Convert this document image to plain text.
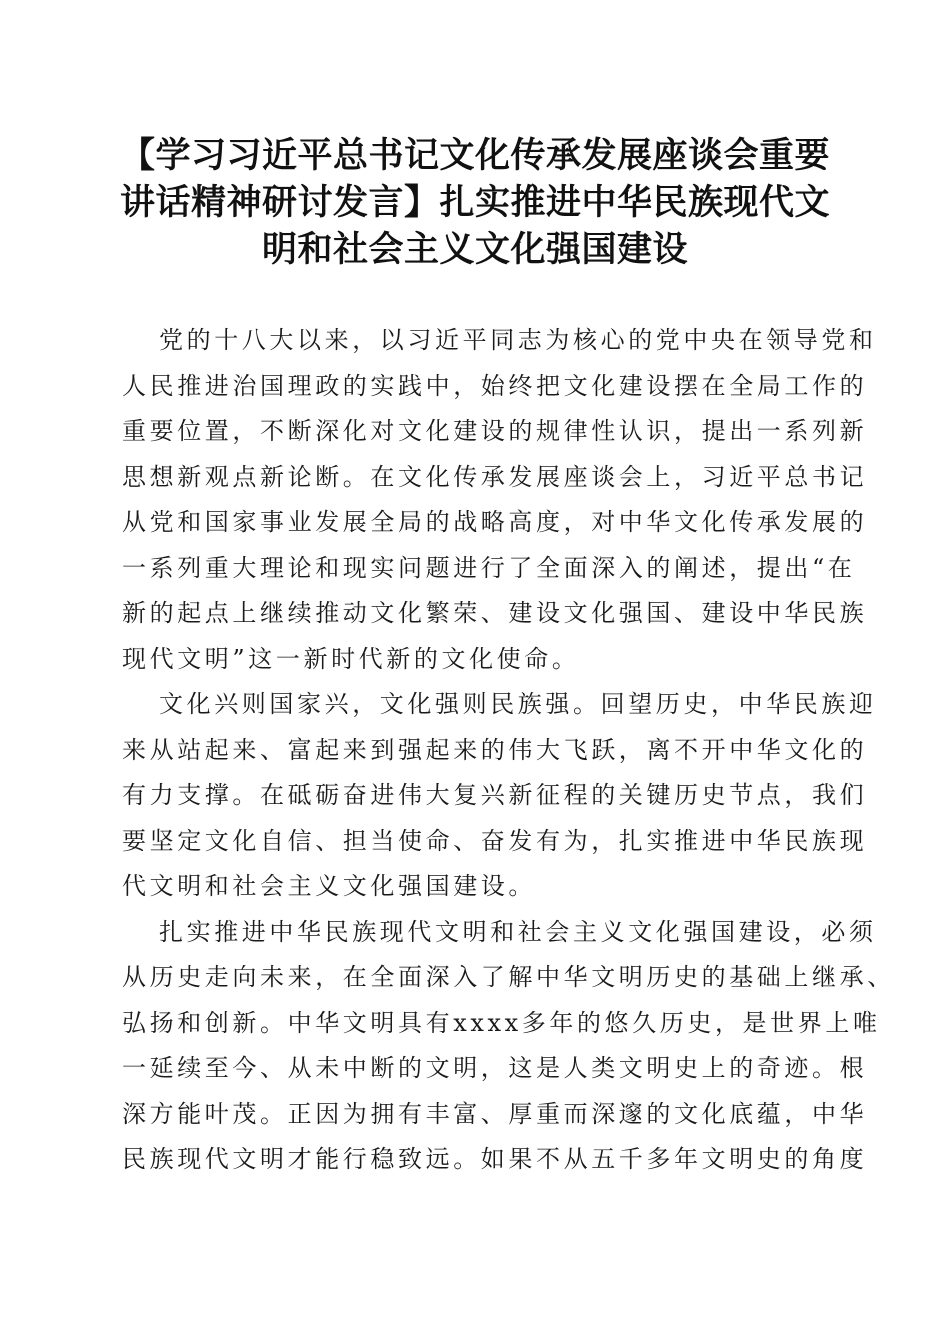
【学习习近平总书记文化传承发展座谈会重要
讲话精神研讨发言】扎实推进中华民族现代文
明和社会主义文化强国建设

党的十八大以来，以习近平同志为核心的党中央在领导党和
人民推进治国理政的实践中，始终把文化建设摆在全局工作的
重要位置，不断深化对文化建设的规律性认识，提出一系列新
思想新观点新论断。在文化传承发展座谈会上，习近平总书记
从党和国家事业发展全局的战略高度，对中华文化传承发展的
一系列重大理论和现实问题进行了全面深入的阐述，提出“在
新的起点上继续推动文化繁荣、建设文化强国、建设中华民族
现代文明”这一新时代新的文化使命。

文化兴则国家兴，文化强则民族强。回望历史，中华民族迎
来从站起来、富起来到强起来的伟大飞跃，离不开中华文化的
有力支撑。在砥砺奋进伟大复兴新征程的关键历史节点，我们
要坚定文化自信、担当使命、奋发有为，扎实推进中华民族现
代文明和社会主义文化强国建设。

扎实推进中华民族现代文明和社会主义文化强国建设，必须
从历史走向未来，在全面深入了解中华文明历史的基础上继承、
弘扬和创新。中华文明具有xxxx多年的悠久历史，是世界上唯
一延续至今、从未中断的文明，这是人类文明史上的奇迹。根
深方能叶茂。正因为拥有丰富、厚重而深邃的文化底蕴，中华
民族现代文明才能行稳致远。如果不从五千多年文明史的角度
